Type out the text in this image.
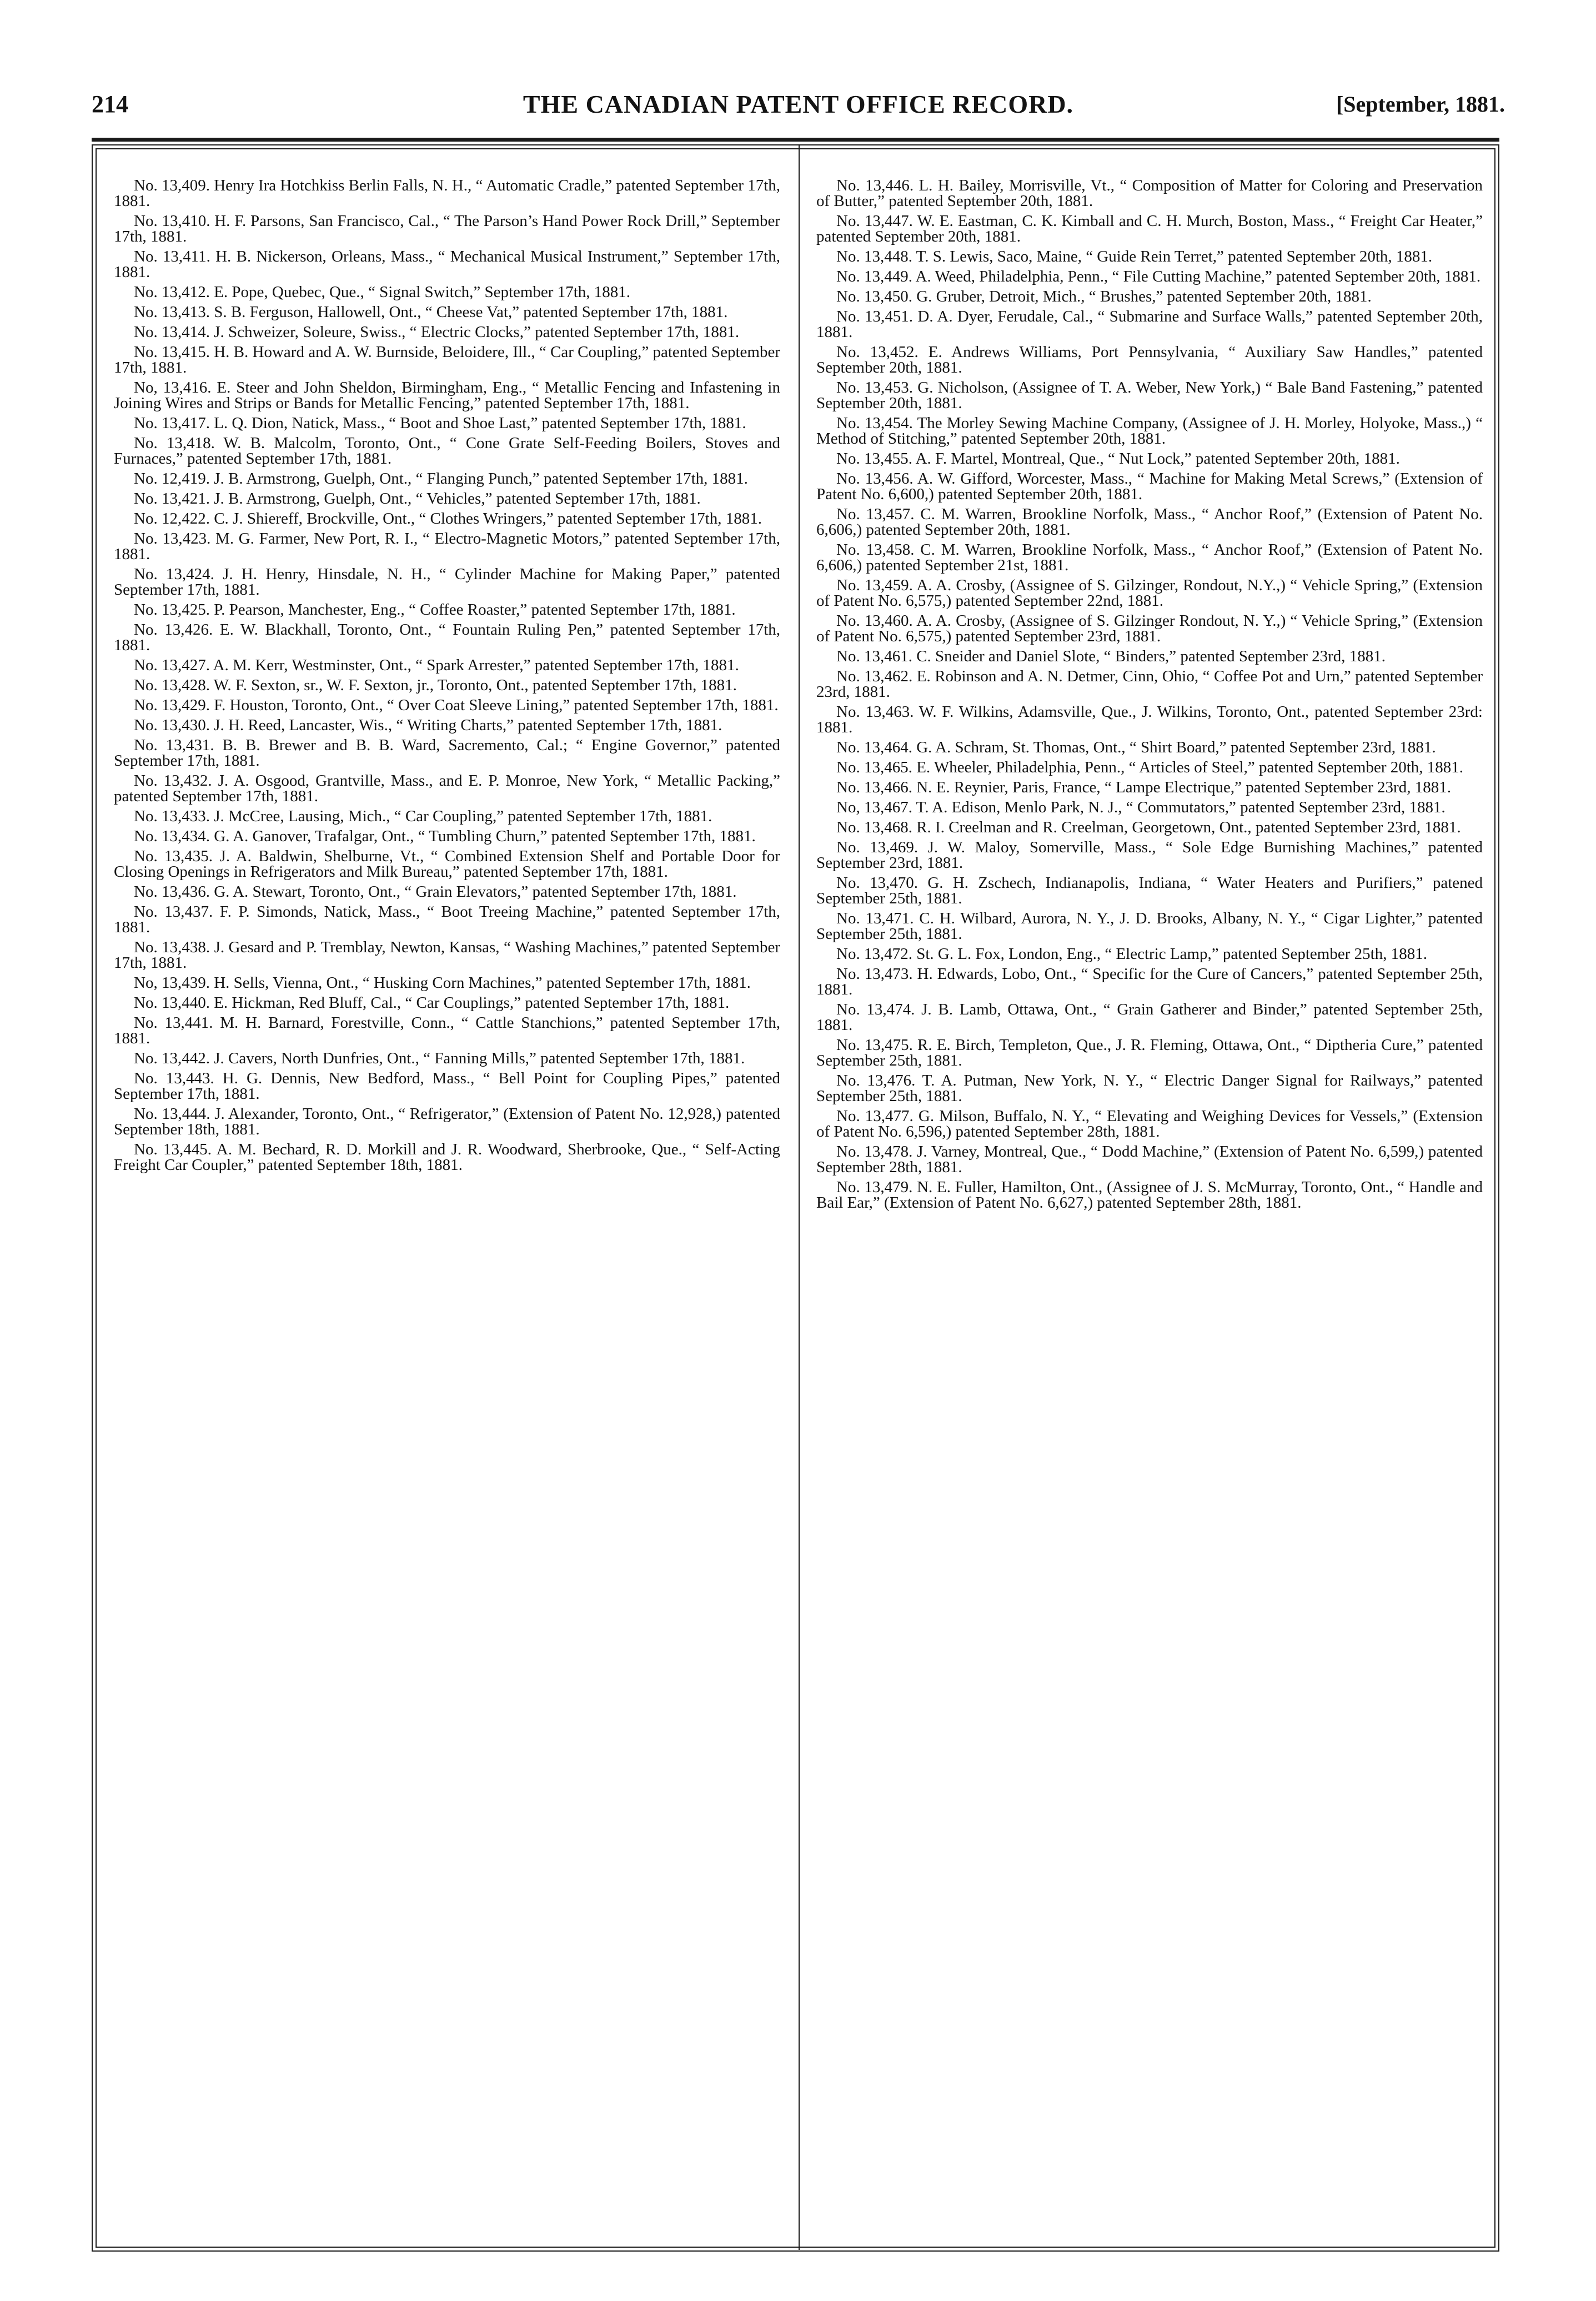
214	THE CANADIAN PATENT OFFICE RECORD.	[September, 1881.

No. 13,409. Henry Ira Hotchkiss Berlin Falls, N. H., “ Automatic Cradle,” patented September 17th, 1881.

No. 13,410. H. F. Parsons, San Francisco, Cal., “ The Parson’s Hand Power Rock Drill,” September 17th, 1881.

No. 13,411. H. B. Nickerson, Orleans, Mass., “ Mechanical Musical Instrument,” September 17th, 1881.

No. 13,412. E. Pope, Quebec, Que., “ Signal Switch,” September 17th, 1881.

No. 13,413. S. B. Ferguson, Hallowell, Ont., “ Cheese Vat,” patented September 17th, 1881.

No. 13,414. J. Schweizer, Soleure, Swiss., “ Electric Clocks,” patented September 17th, 1881.

No. 13,415. H. B. Howard and A. W. Burnside, Beloidere, Ill., “ Car Coupling,” patented September 17th, 1881.

No, 13,416. E. Steer and John Sheldon, Birmingham, Eng., “ Metallic Fencing and Infastening in Joining Wires and Strips or Bands for Metallic Fencing,” patented September 17th, 1881.

No. 13,417. L. Q. Dion, Natick, Mass., “ Boot and Shoe Last,” patented September 17th, 1881.

No. 13,418. W. B. Malcolm, Toronto, Ont., “ Cone Grate Self-Feeding Boilers, Stoves and Furnaces,” patented September 17th, 1881.

No. 12,419. J. B. Armstrong, Guelph, Ont., “ Flanging Punch,” patented September 17th, 1881.

No. 13,421. J. B. Armstrong, Guelph, Ont., “ Vehicles,” patented September 17th, 1881.

No. 12,422. C. J. Shiereff, Brockville, Ont., “ Clothes Wringers,” patented September 17th, 1881.

No. 13,423. M. G. Farmer, New Port, R. I., “ Electro-Magnetic Motors,” patented September 17th, 1881.

No. 13,424. J. H. Henry, Hinsdale, N. H., “ Cylinder Machine for Making Paper,” patented September 17th, 1881.

No. 13,425. P. Pearson, Manchester, Eng., “ Coffee Roaster,” patented September 17th, 1881.

No. 13,426. E. W. Blackhall, Toronto, Ont., “ Fountain Ruling Pen,” patented September 17th, 1881.

No. 13,427. A. M. Kerr, Westminster, Ont., “ Spark Arrester,” patented September 17th, 1881.

No. 13,428. W. F. Sexton, sr., W. F. Sexton, jr., Toronto, Ont., patented September 17th, 1881.

No. 13,429. F. Houston, Toronto, Ont., “ Over Coat Sleeve Lining,” patented September 17th, 1881.

No. 13,430. J. H. Reed, Lancaster, Wis., “ Writing Charts,” patented September 17th, 1881.

No. 13,431. B. B. Brewer and B. B. Ward, Sacremento, Cal.; “ Engine Governor,” patented September 17th, 1881.

No. 13,432. J. A. Osgood, Grantville, Mass., and E. P. Monroe, New York, “ Metallic Packing,” patented September 17th, 1881.

No. 13,433. J. McCree, Lausing, Mich., “ Car Coupling,” patented September 17th, 1881.

No. 13,434. G. A. Ganover, Trafalgar, Ont., “ Tumbling Churn,” patented September 17th, 1881.

No. 13,435. J. A. Baldwin, Shelburne, Vt., “ Combined Extension Shelf and Portable Door for Closing Openings in Refrigerators and Milk Bureau,” patented September 17th, 1881.

No. 13,436. G. A. Stewart, Toronto, Ont., “ Grain Elevators,” patented September 17th, 1881.

No. 13,437. F. P. Simonds, Natick, Mass., “ Boot Treeing Machine,” patented September 17th, 1881.

No. 13,438. J. Gesard and P. Tremblay, Newton, Kansas, “ Washing Machines,” patented September 17th, 1881.

No, 13,439. H. Sells, Vienna, Ont., “ Husking Corn Machines,” patented September 17th, 1881.

No. 13,440. E. Hickman, Red Bluff, Cal., “ Car Couplings,” patented September 17th, 1881.

No. 13,441. M. H. Barnard, Forestville, Conn., “ Cattle Stanchions,” patented September 17th, 1881.

No. 13,442. J. Cavers, North Dunfries, Ont., “ Fanning Mills,” patented September 17th, 1881.

No. 13,443. H. G. Dennis, New Bedford, Mass., “ Bell Point for Coupling Pipes,” patented September 17th, 1881.

No. 13,444. J. Alexander, Toronto, Ont., “ Refrigerator,” (Extension of Patent No. 12,928,) patented September 18th, 1881.

No. 13,445. A. M. Bechard, R. D. Morkill and J. R. Woodward, Sherbrooke, Que., “ Self-Acting Freight Car Coupler,” patented September 18th, 1881.

No. 13,446. L. H. Bailey, Morrisville, Vt., “ Composition of Matter for Coloring and Preservation of Butter,” patented September 20th, 1881.

No. 13,447. W. E. Eastman, C. K. Kimball and C. H. Murch, Boston, Mass., “ Freight Car Heater,” patented September 20th, 1881.

No. 13,448. T. S. Lewis, Saco, Maine, “ Guide Rein Terret,” patented September 20th, 1881.

No. 13,449. A. Weed, Philadelphia, Penn., “ File Cutting Machine,” patented September 20th, 1881.

No. 13,450. G. Gruber, Detroit, Mich., “ Brushes,” patented September 20th, 1881.

No. 13,451. D. A. Dyer, Ferudale, Cal., “ Submarine and Surface Walls,” patented September 20th, 1881.

No. 13,452. E. Andrews Williams, Port Pennsylvania, “ Auxiliary Saw Handles,” patented September 20th, 1881.

No. 13,453. G. Nicholson, (Assignee of T. A. Weber, New York,) “ Bale Band Fastening,” patented September 20th, 1881.

No. 13,454. The Morley Sewing Machine Company, (Assignee of J. H. Morley, Holyoke, Mass.,) “ Method of Stitching,” patented September 20th, 1881.

No. 13,455. A. F. Martel, Montreal, Que., “ Nut Lock,” patented September 20th, 1881.

No. 13,456. A. W. Gifford, Worcester, Mass., “ Machine for Making Metal Screws,” (Extension of Patent No. 6,600,) patented September 20th, 1881.

No. 13,457. C. M. Warren, Brookline Norfolk, Mass., “ Anchor Roof,” (Extension of Patent No. 6,606,) patented September 20th, 1881.

No. 13,458. C. M. Warren, Brookline Norfolk, Mass., “ Anchor Roof,” (Extension of Patent No. 6,606,) patented September 21st, 1881.

No. 13,459. A. A. Crosby, (Assignee of S. Gilzinger, Rondout, N.Y.,) “ Vehicle Spring,” (Extension of Patent No. 6,575,) patented September 22nd, 1881.

No. 13,460. A. A. Crosby, (Assignee of S. Gilzinger Rondout, N. Y.,) “ Vehicle Spring,” (Extension of Patent No. 6,575,) patented September 23rd, 1881.

No. 13,461. C. Sneider and Daniel Slote, “ Binders,” patented September 23rd, 1881.

No. 13,462. E. Robinson and A. N. Detmer, Cinn, Ohio, “ Coffee Pot and Urn,” patented September 23rd, 1881.

No. 13,463. W. F. Wilkins, Adamsville, Que., J. Wilkins, Toronto, Ont., patented September 23rd: 1881.

No. 13,464. G. A. Schram, St. Thomas, Ont., “ Shirt Board,” patented September 23rd, 1881.

No. 13,465. E. Wheeler, Philadelphia, Penn., “ Articles of Steel,” patented September 20th, 1881.

No. 13,466. N. E. Reynier, Paris, France, “ Lampe Electrique,” patented September 23rd, 1881.

No, 13,467. T. A. Edison, Menlo Park, N. J., “ Commutators,” patented September 23rd, 1881.

No. 13,468. R. I. Creelman and R. Creelman, Georgetown, Ont., patented September 23rd, 1881.

No. 13,469. J. W. Maloy, Somerville, Mass., “ Sole Edge Burnishing Machines,” patented September 23rd, 1881.

No. 13,470. G. H. Zschech, Indianapolis, Indiana, “ Water Heaters and Purifiers,” patened September 25th, 1881.

No. 13,471. C. H. Wilbard, Aurora, N. Y., J. D. Brooks, Albany, N. Y., “ Cigar Lighter,” patented September 25th, 1881.

No. 13,472. St. G. L. Fox, London, Eng., “ Electric Lamp,” patented September 25th, 1881.

No. 13,473. H. Edwards, Lobo, Ont., “ Specific for the Cure of Cancers,” patented September 25th, 1881.

No. 13,474. J. B. Lamb, Ottawa, Ont., “ Grain Gatherer and Binder,” patented September 25th, 1881.

No. 13,475. R. E. Birch, Templeton, Que., J. R. Fleming, Ottawa, Ont., “ Diptheria Cure,” patented September 25th, 1881.

No. 13,476. T. A. Putman, New York, N. Y., “ Electric Danger Signal for Railways,” patented September 25th, 1881.

No. 13,477. G. Milson, Buffalo, N. Y., “ Elevating and Weighing Devices for Vessels,” (Extension of Patent No. 6,596,) patented September 28th, 1881.

No. 13,478. J. Varney, Montreal, Que., “ Dodd Machine,” (Extension of Patent No. 6,599,) patented September 28th, 1881.

No. 13,479. N. E. Fuller, Hamilton, Ont., (Assignee of J. S. McMurray, Toronto, Ont., “ Handle and Bail Ear,” (Extension of Patent No. 6,627,) patented September 28th, 1881.
